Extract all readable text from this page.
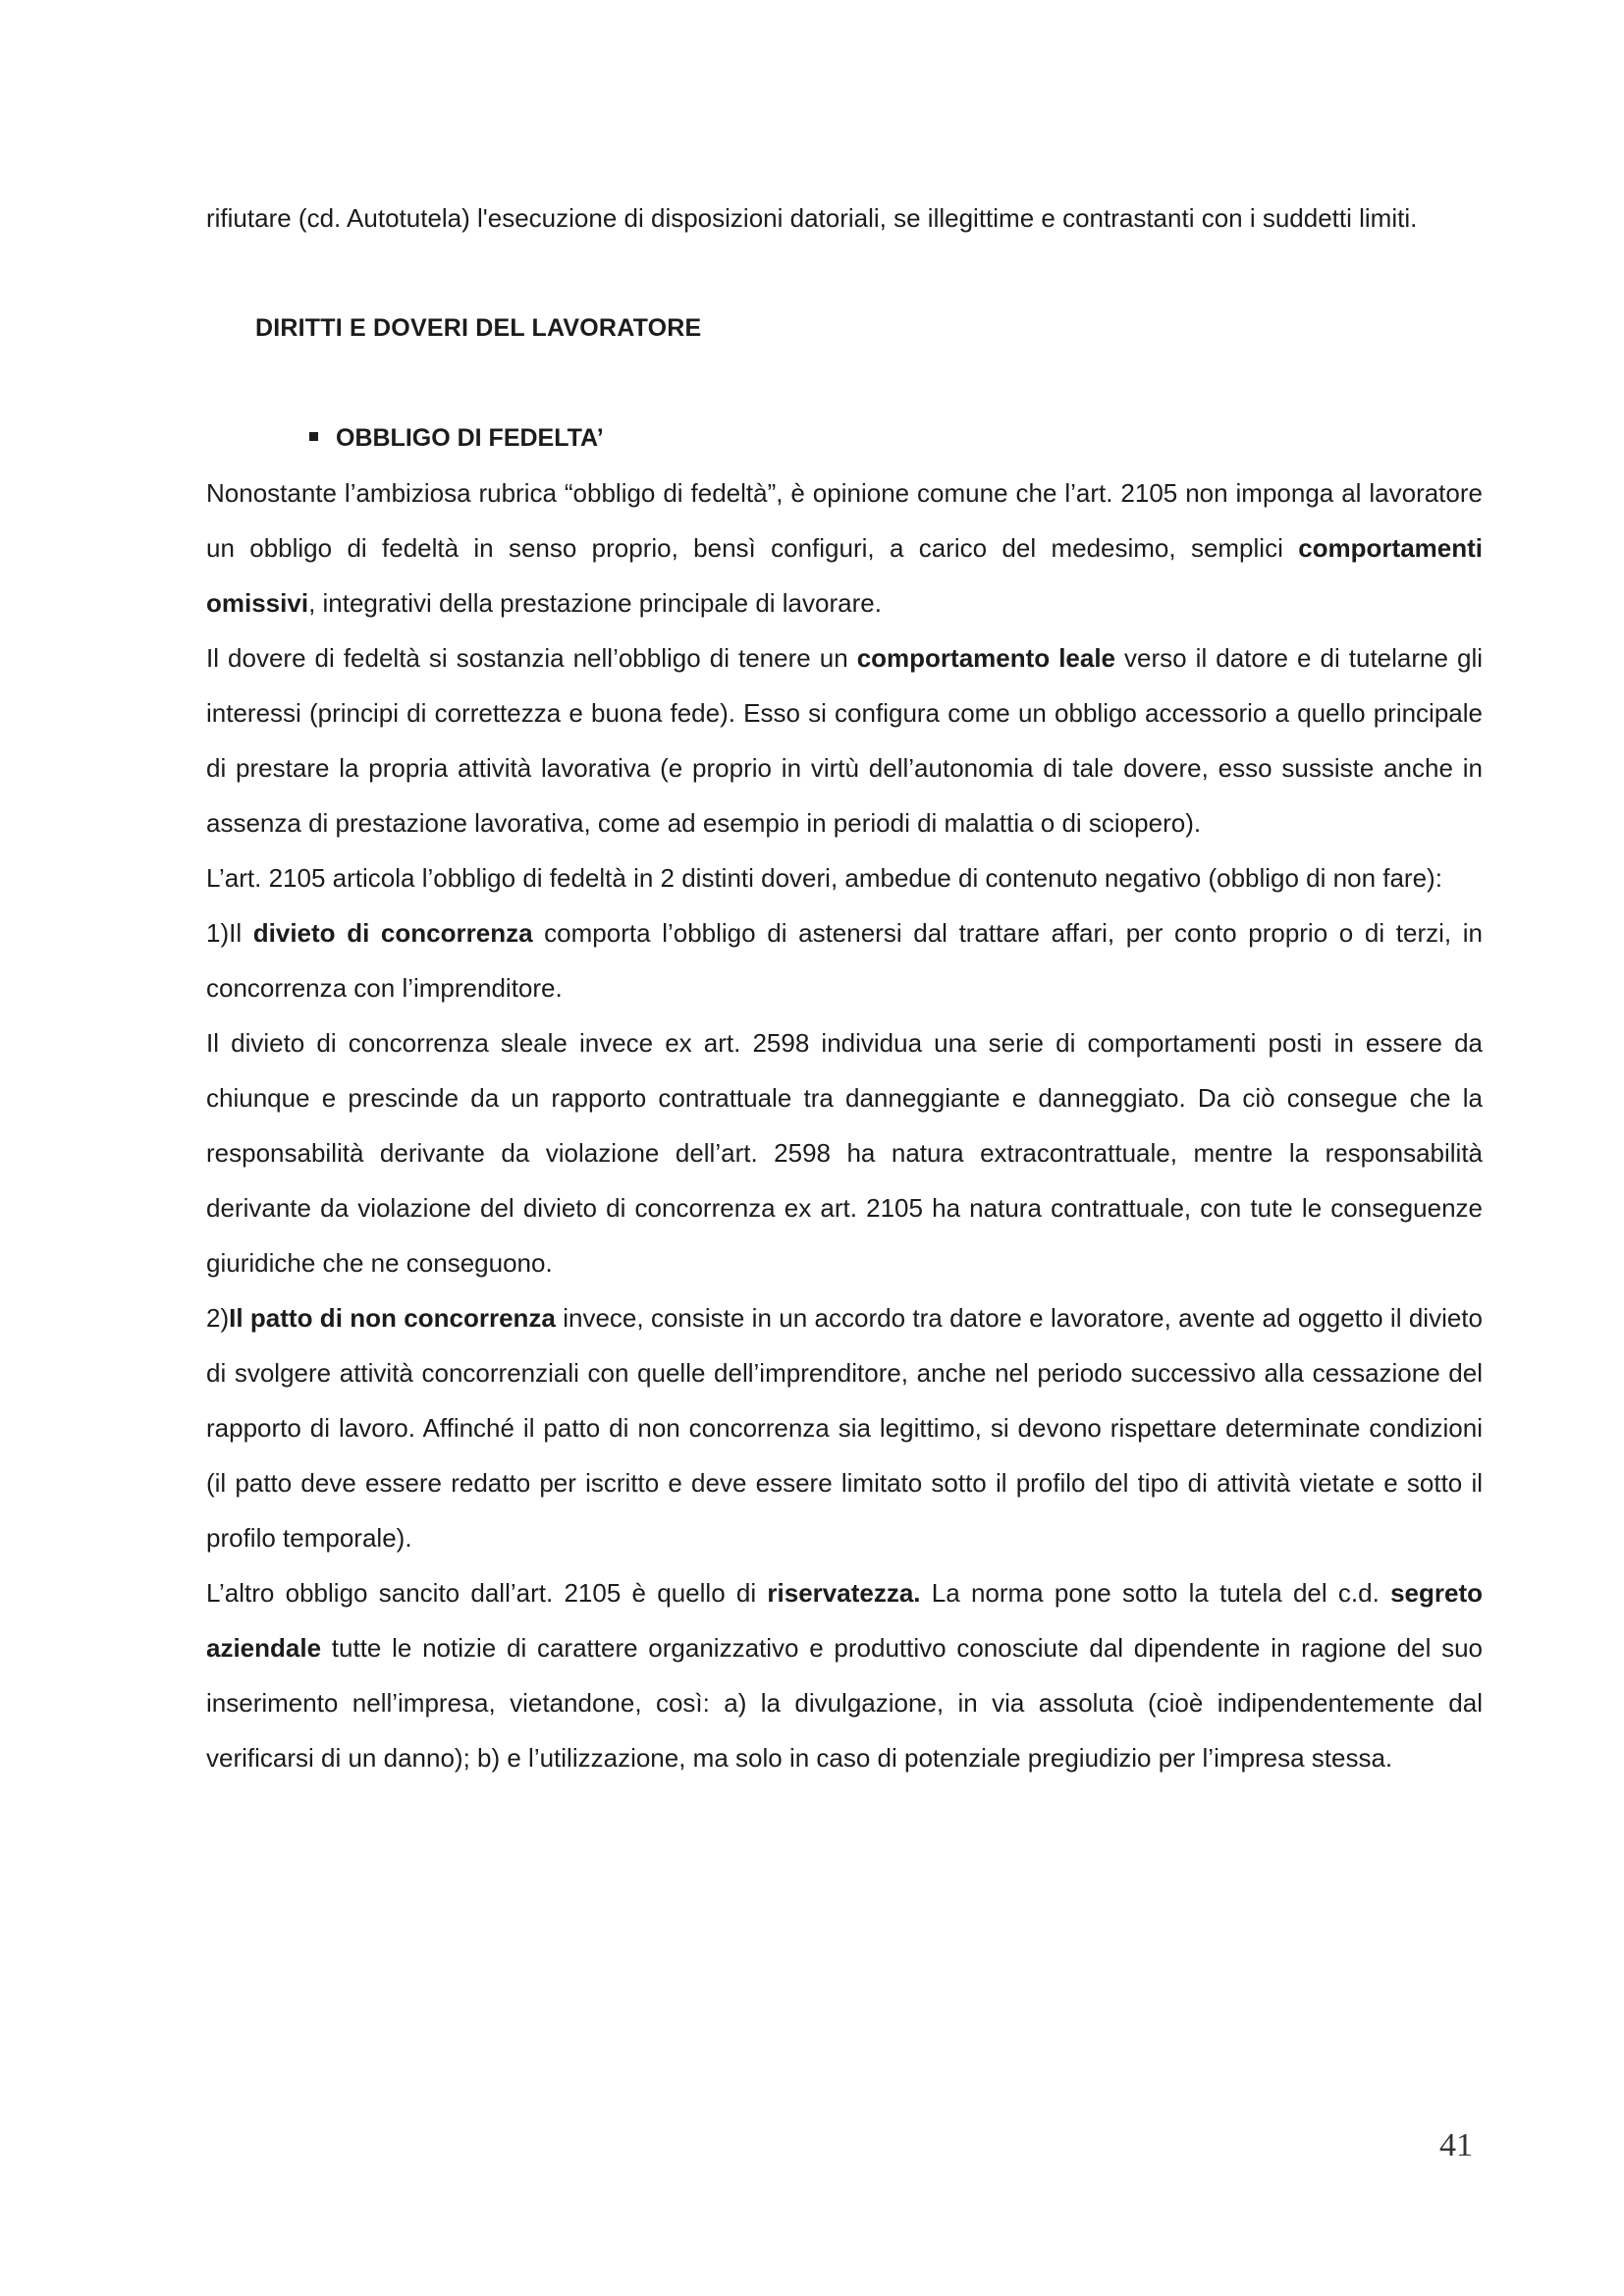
rifiutare (cd. Autotutela) l'esecuzione di disposizioni datoriali, se illegittime e contrastanti con i suddetti limiti.

DIRITTI E DOVERI DEL LAVORATORE
OBBLIGO DI FEDELTA’

Nonostante l’ambiziosa rubrica “obbligo di fedeltà”, è opinione comune che l’art. 2105 non imponga al lavoratore un obbligo di fedeltà in senso proprio, bensì configuri, a carico del medesimo, semplici comportamenti omissivi, integrativi della prestazione principale di lavorare.

Il dovere di fedeltà si sostanzia nell’obbligo di tenere un comportamento leale verso il datore e di tutelarne gli interessi (principi di correttezza e buona fede). Esso si configura come un obbligo accessorio a quello principale di prestare la propria attività lavorativa (e proprio in virtù dell’autonomia di tale dovere, esso sussiste anche in assenza di prestazione lavorativa, come ad esempio in periodi di malattia o di sciopero).

L’art. 2105 articola l’obbligo di fedeltà in 2 distinti doveri, ambedue di contenuto negativo (obbligo di non fare):

1)Il divieto di concorrenza comporta l’obbligo di astenersi dal trattare affari, per conto proprio o di terzi, in concorrenza con l’imprenditore.

Il divieto di concorrenza sleale invece ex art. 2598 individua una serie di comportamenti posti in essere da chiunque e prescinde da un rapporto contrattuale tra danneggiante e danneggiato. Da ciò consegue che la responsabilità derivante da violazione dell’art. 2598 ha natura extracontrattuale, mentre la responsabilità derivante da violazione del divieto di concorrenza ex art. 2105 ha natura contrattuale, con tute le conseguenze giuridiche che ne conseguono.

2)Il patto di non concorrenza invece, consiste in un accordo tra datore e lavoratore, avente ad oggetto il divieto di svolgere attività concorrenziali con quelle dell’imprenditore, anche nel periodo successivo alla cessazione del rapporto di lavoro. Affinché il patto di non concorrenza sia legittimo, si devono rispettare determinate condizioni (il patto deve essere redatto per iscritto e deve essere limitato sotto il profilo del tipo di attività vietate e sotto il profilo temporale).

L’altro obbligo sancito dall’art. 2105 è quello di riservatezza. La norma pone sotto la tutela del c.d. segreto aziendale tutte le notizie di carattere organizzativo e produttivo conosciute dal dipendente in ragione del suo inserimento nell’impresa, vietandone, così: a) la divulgazione, in via assoluta (cioè indipendentemente dal verificarsi di un danno); b) e l’utilizzazione, ma solo in caso di potenziale pregiudizio per l’impresa stessa.

41
